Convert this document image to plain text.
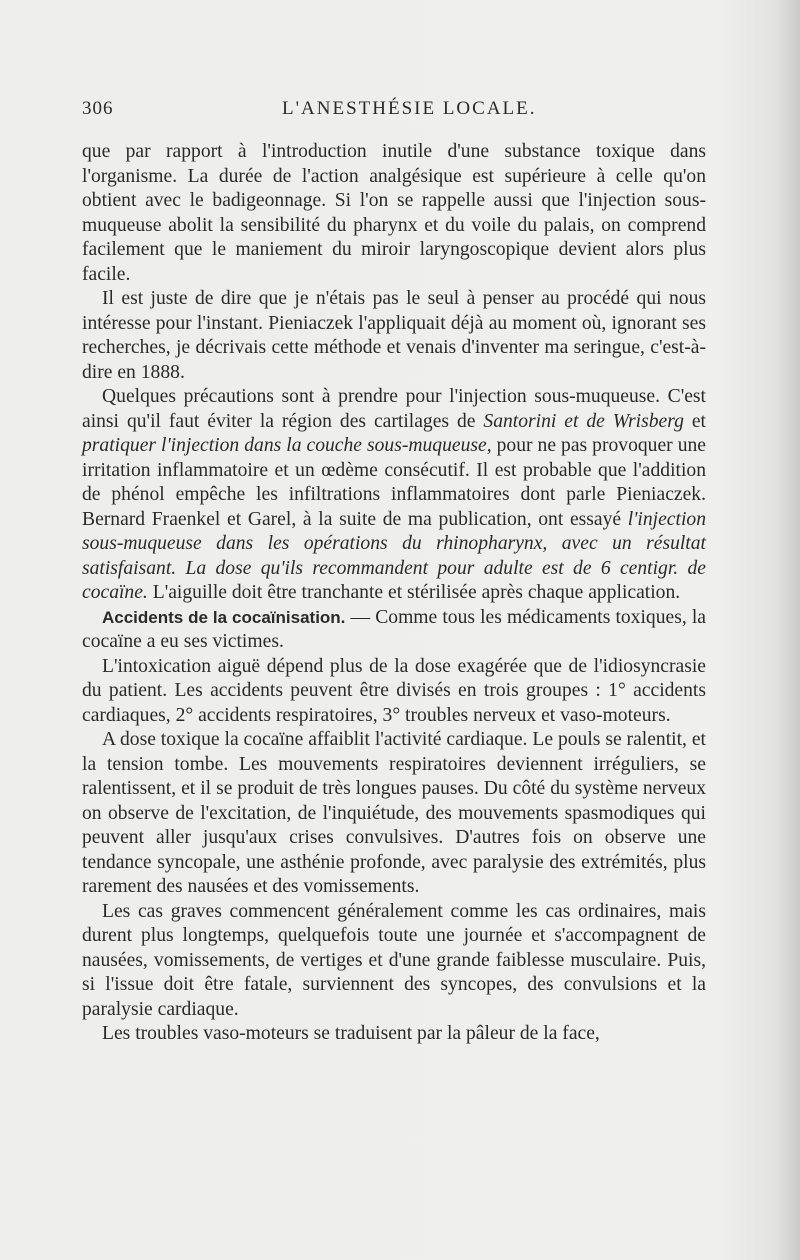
306	L'ANESTHÉSIE LOCALE.

que par rapport à l'introduction inutile d'une substance toxique dans l'organisme. La durée de l'action analgésique est supérieure à celle qu'on obtient avec le badigeonnage. Si l'on se rappelle aussi que l'injection sous-muqueuse abolit la sensibilité du pharynx et du voile du palais, on comprend facilement que le maniement du miroir laryngoscopique devient alors plus facile.

Il est juste de dire que je n'étais pas le seul à penser au procédé qui nous intéresse pour l'instant. Pieniaczek l'appliquait déjà au moment où, ignorant ses recherches, je décrivais cette méthode et venais d'inventer ma seringue, c'est-à-dire en 1888.

Quelques précautions sont à prendre pour l'injection sous-muqueuse. C'est ainsi qu'il faut éviter la région des cartilages de Santorini et de Wrisberg et pratiquer l'injection dans la couche sous-muqueuse, pour ne pas provoquer une irritation inflammatoire et un œdème consécutif. Il est probable que l'addition de phénol empêche les infiltrations inflammatoires dont parle Pieniaczek. Bernard Fraenkel et Garel, à la suite de ma publication, ont essayé l'injection sous-muqueuse dans les opérations du rhinopharynx, avec un résultat satisfaisant. La dose qu'ils recommandent pour adulte est de 6 centigr. de cocaïne. L'aiguille doit être tranchante et stérilisée après chaque application.

Accidents de la cocaïnisation. — Comme tous les médicaments toxiques, la cocaïne a eu ses victimes.

L'intoxication aiguë dépend plus de la dose exagérée que de l'idiosyncrasie du patient. Les accidents peuvent être divisés en trois groupes : 1° accidents cardiaques, 2° accidents respiratoires, 3° troubles nerveux et vaso-moteurs.

A dose toxique la cocaïne affaiblit l'activité cardiaque. Le pouls se ralentit, et la tension tombe. Les mouvements respiratoires deviennent irréguliers, se ralentissent, et il se produit de très longues pauses. Du côté du système nerveux on observe de l'excitation, de l'inquiétude, des mouvements spasmodiques qui peuvent aller jusqu'aux crises convulsives. D'autres fois on observe une tendance syncopale, une asthénie profonde, avec paralysie des extrémités, plus rarement des nausées et des vomissements.

Les cas graves commencent généralement comme les cas ordinaires, mais durent plus longtemps, quelquefois toute une journée et s'accompagnent de nausées, vomissements, de vertiges et d'une grande faiblesse musculaire. Puis, si l'issue doit être fatale, surviennent des syncopes, des convulsions et la paralysie cardiaque.

Les troubles vaso-moteurs se traduisent par la pâleur de la face,
